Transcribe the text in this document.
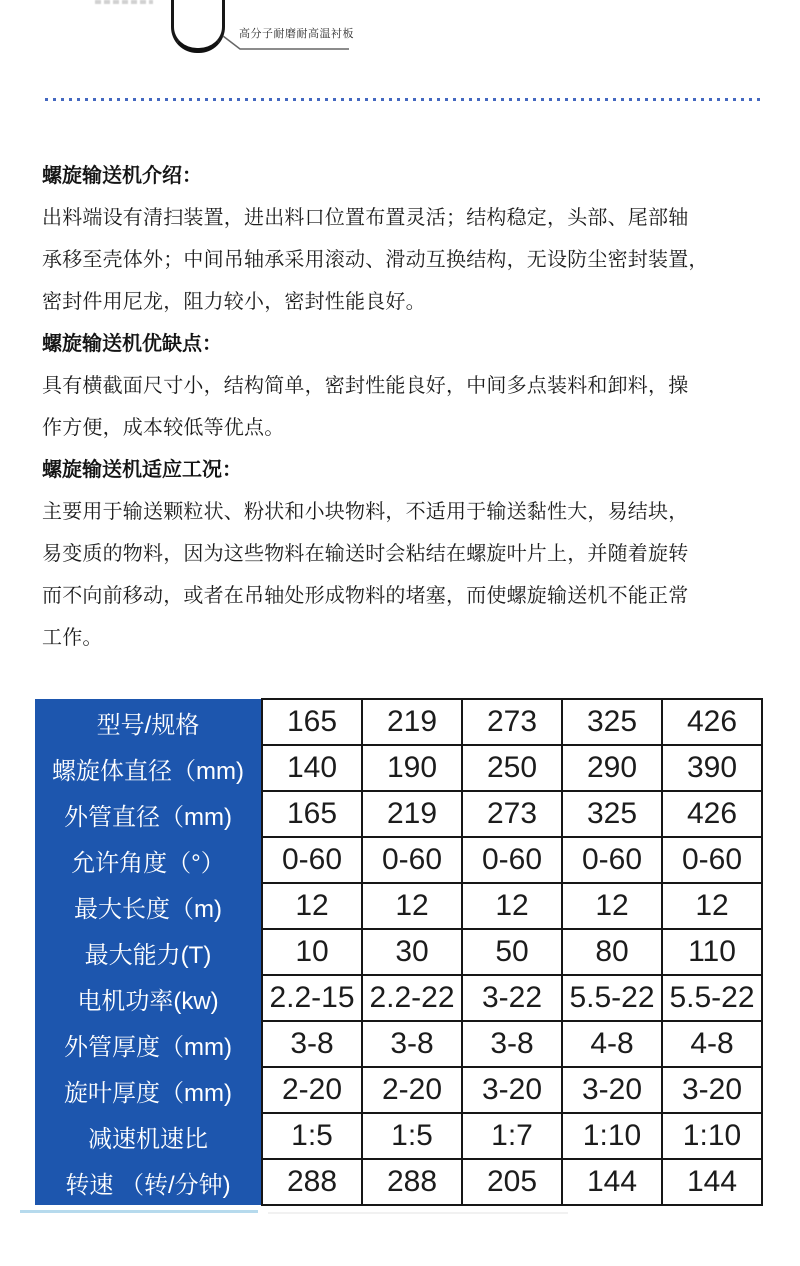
高分子耐磨耐高温衬板
螺旋输送机介绍：
出料端设有清扫装置，进出料口位置布置灵活；结构稳定，头部、尾部轴
承移至壳体外；中间吊轴承采用滚动、滑动互换结构，无设防尘密封装置，
密封件用尼龙，阻力较小，密封性能良好。
螺旋输送机优缺点：
具有横截面尺寸小，结构简单，密封性能良好，中间多点装料和卸料，操
作方便，成本较低等优点。
螺旋输送机适应工况：
主要用于输送颗粒状、粉状和小块物料，不适用于输送黏性大，易结块，
易变质的物料，因为这些物料在输送时会粘结在螺旋叶片上，并随着旋转
而不向前移动，或者在吊轴处形成物料的堵塞，而使螺旋输送机不能正常
工作。
型号/规格	165	219	273	325	426
螺旋体直径（mm)	140	190	250	290	390
外管直径（mm)	165	219	273	325	426
允许角度（°）	0-60	0-60	0-60	0-60	0-60
最大长度（m)	12	12	12	12	12
最大能力(T)	10	30	50	80	110
电机功率(kw)	2.2-15	2.2-22	3-22	5.5-22	5.5-22
外管厚度（mm)	3-8	3-8	3-8	4-8	4-8
旋叶厚度（mm)	2-20	2-20	3-20	3-20	3-20
减速机速比	1:5	1:5	1:7	1:10	1:10
转速 （转/分钟)	288	288	205	144	144
